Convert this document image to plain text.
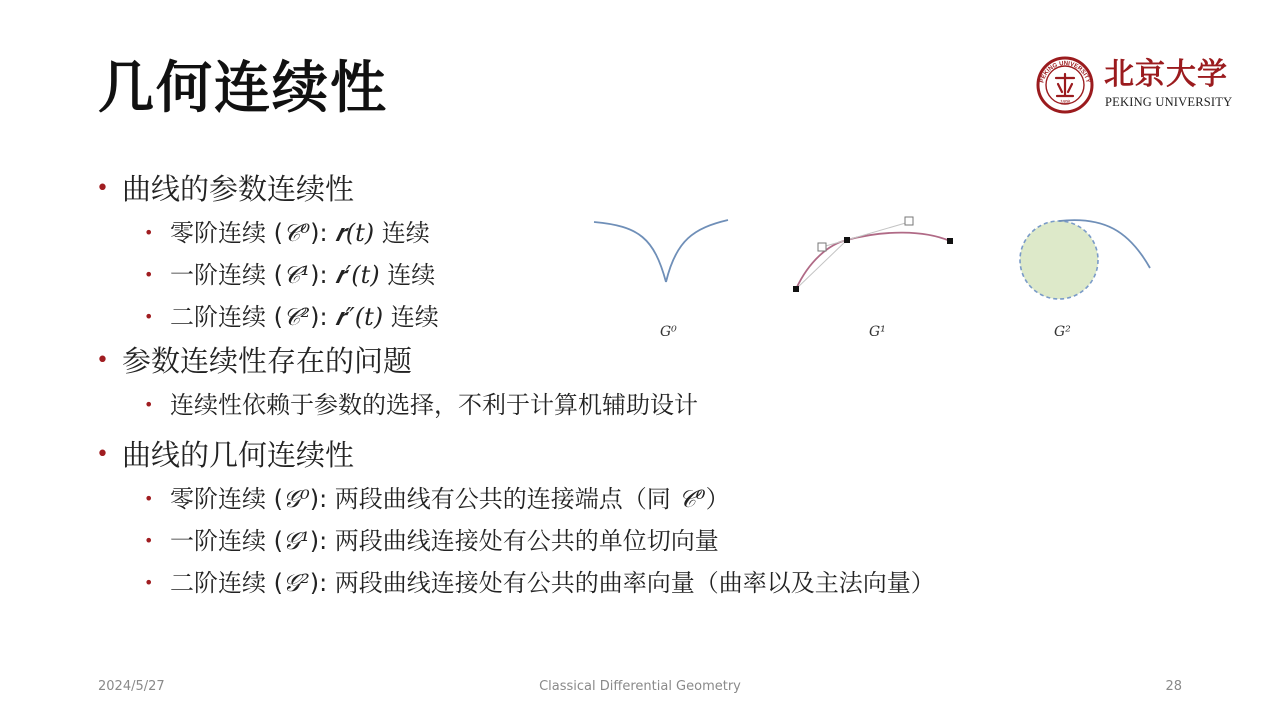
几何连续性	PEKING UNIVERSITY
1898
北京大学
PEKING UNIVERSITY
• 曲线的参数连续性
• 零阶连续 (𝒞⁰): 𝒓(𝑡) 连续
• 一阶连续 (𝒞¹): 𝒓′(𝑡) 连续
• 二阶连续 (𝒞²): 𝒓″(𝑡) 连续
• 参数连续性存在的问题
• 连续性依赖于参数的选择，不利于计算机辅助设计
• 曲线的几何连续性
• 零阶连续 (𝒢⁰): 两段曲线有公共的连接端点（同 𝒞⁰）
• 一阶连续 (𝒢¹): 两段曲线连接处有公共的单位切向量
• 二阶连续 (𝒢²): 两段曲线连接处有公共的曲率向量（曲率以及主法向量）
G⁰	G¹	G²
2024/5/27	Classical Differential Geometry	28
